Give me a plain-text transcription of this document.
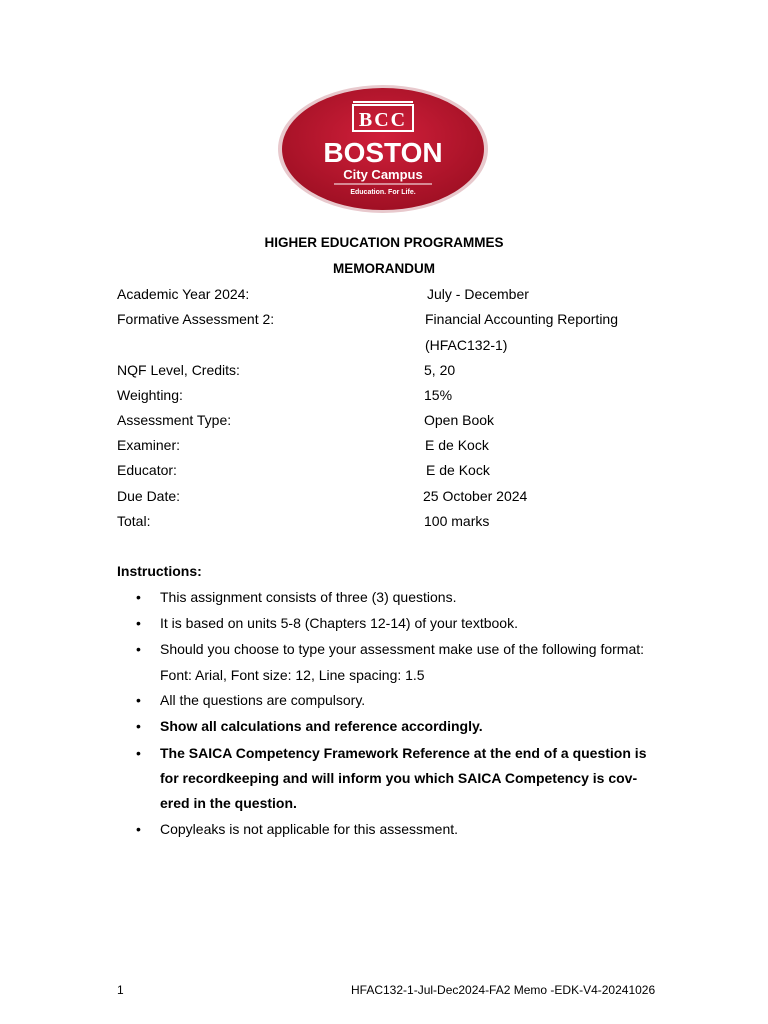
BCC
BOSTON
City Campus
Education. For Life.
HIGHER EDUCATION PROGRAMMES
MEMORANDUM
Academic Year 2024:	July - December
Formative Assessment 2:	Financial Accounting Reporting
(HFAC132-1)
NQF Level, Credits:	5, 20
Weighting:	15%
Assessment Type:	Open Book
Examiner:	E de Kock
Educator:	E de Kock
Due Date:	25 October 2024
Total:	100 marks
Instructions:
• This assignment consists of three (3) questions.
• It is based on units 5-8 (Chapters 12-14) of your textbook.
• Should you choose to type your assessment make use of the following format:
Font: Arial, Font size: 12, Line spacing: 1.5
• All the questions are compulsory.
• Show all calculations and reference accordingly.
• The SAICA Competency Framework Reference at the end of a question is
for recordkeeping and will inform you which SAICA Competency is cov-
ered in the question.
• Copyleaks is not applicable for this assessment.
1	HFAC132-1-Jul-Dec2024-FA2 Memo -EDK-V4-20241026
